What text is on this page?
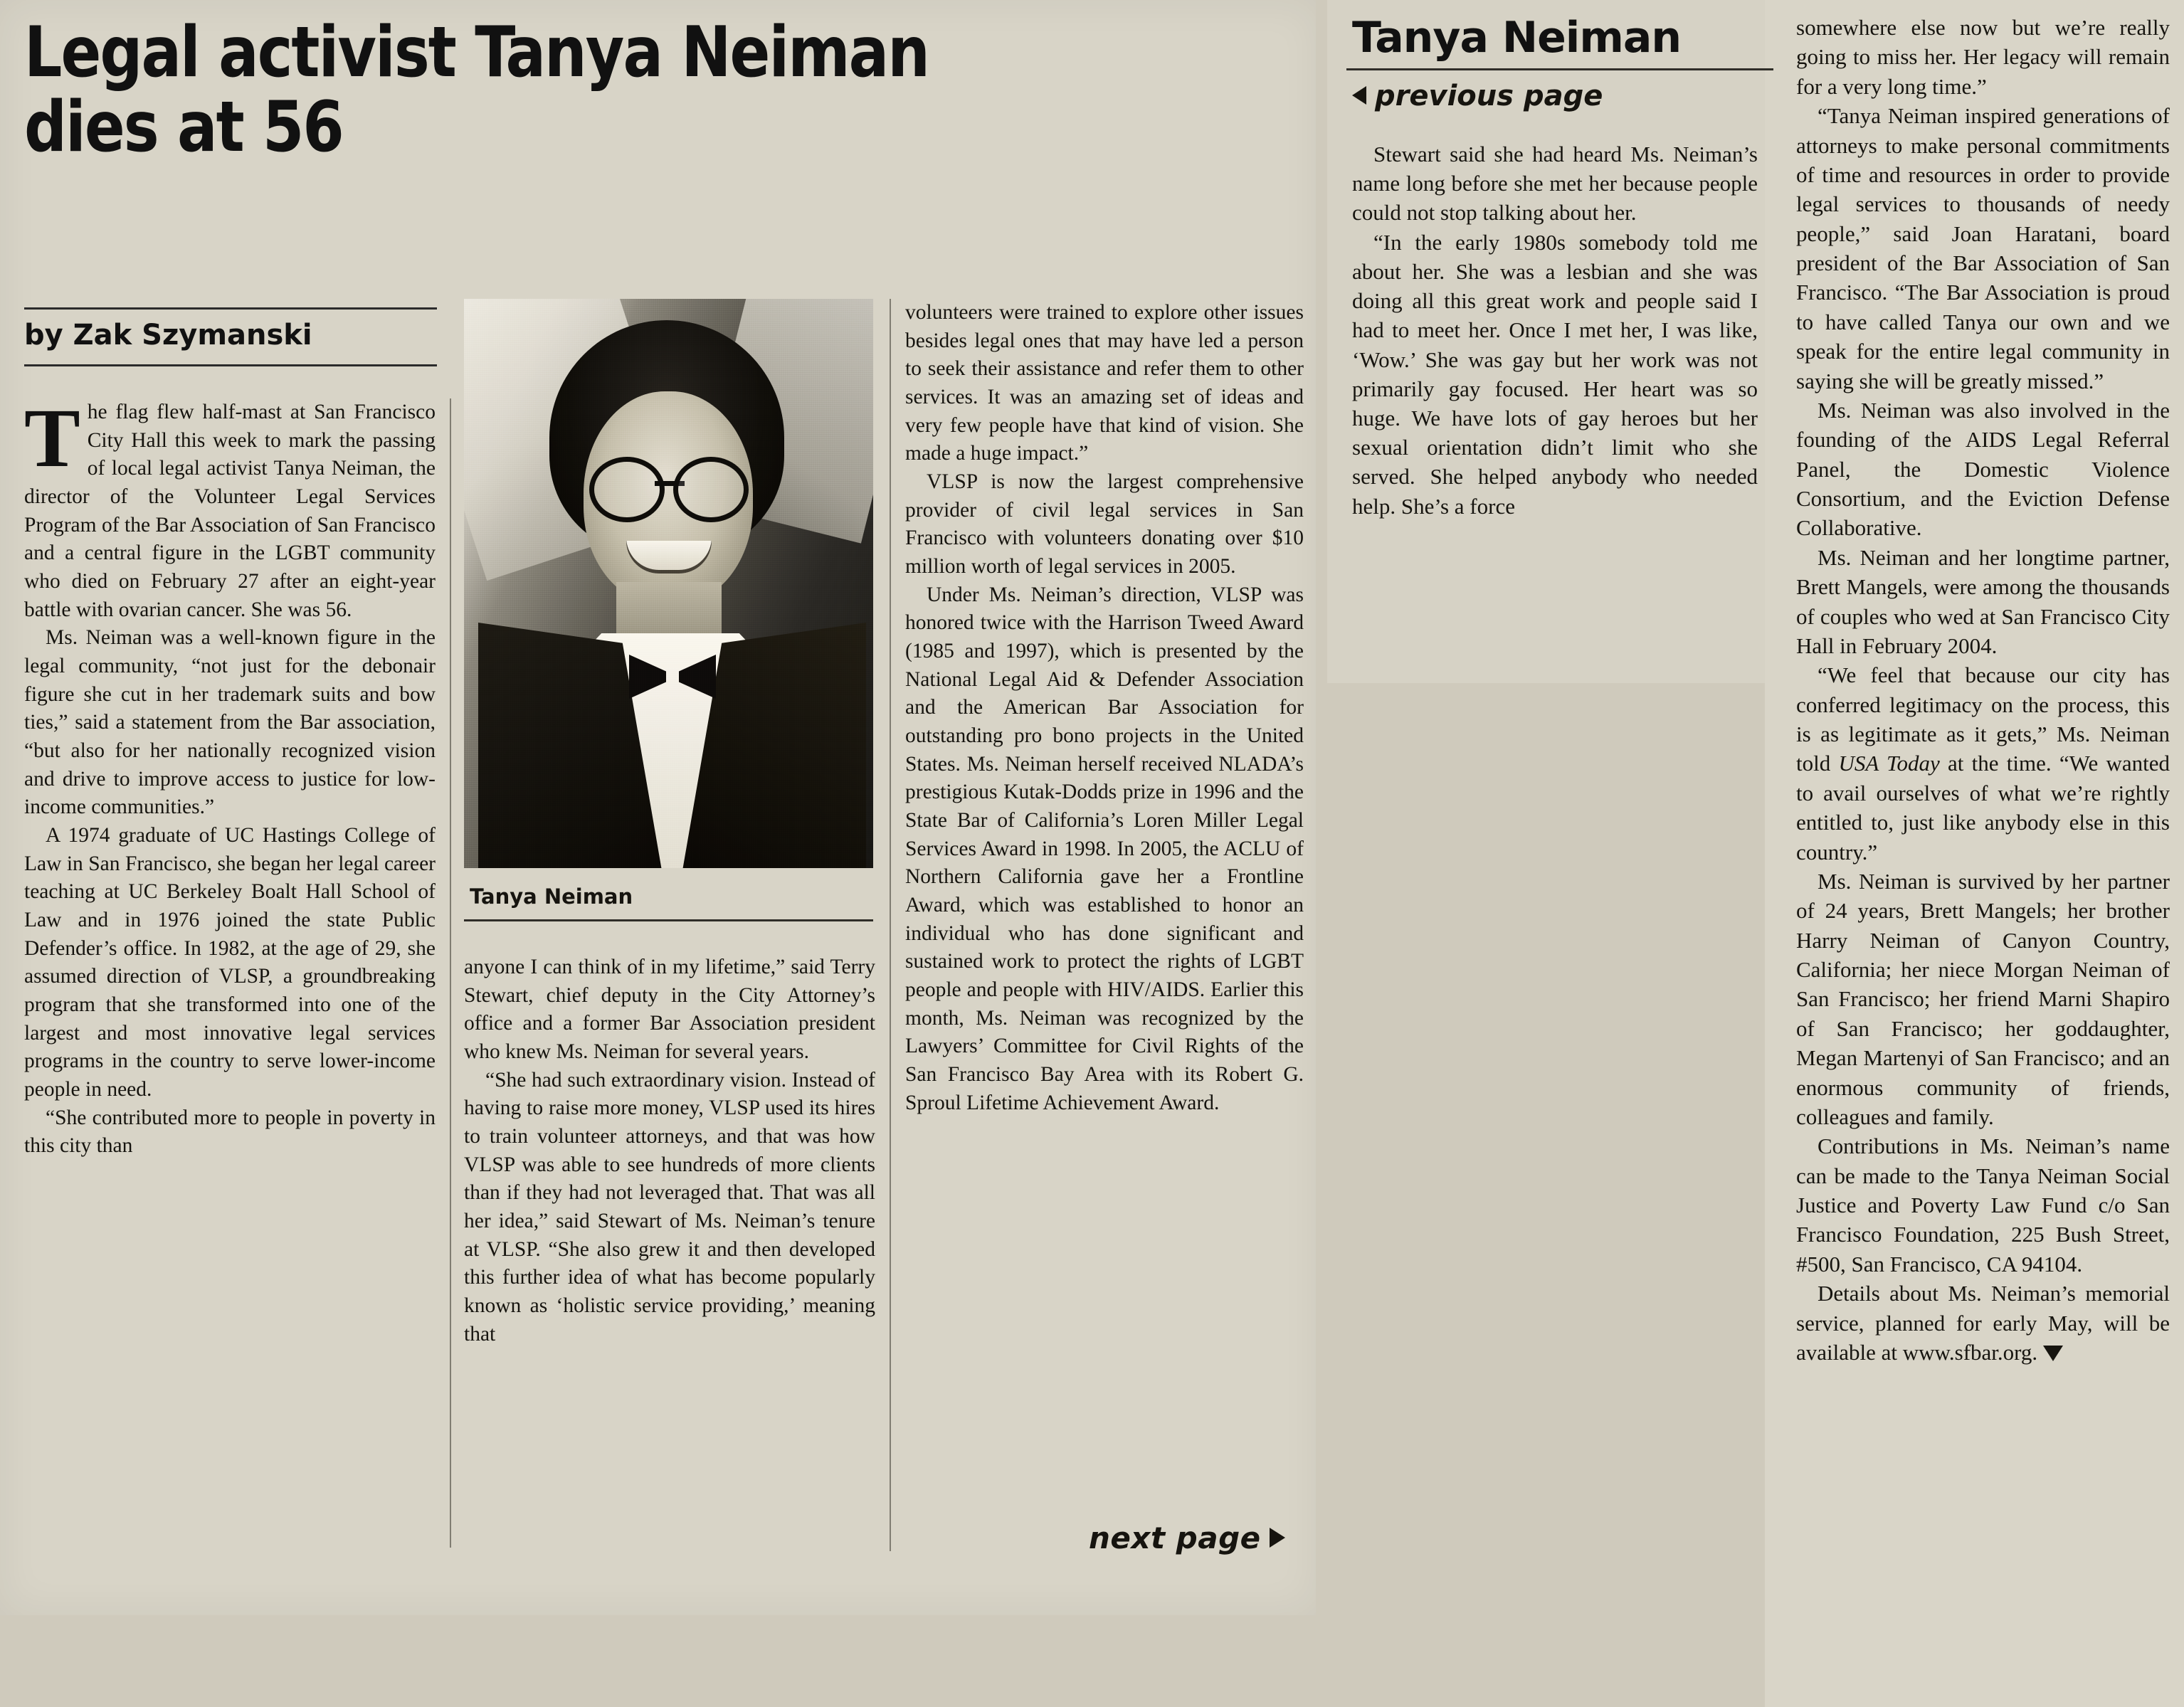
Legal activist Tanya Neiman dies at 56
by Zak Szymanski

The flag flew half-mast at San Francisco City Hall this week to mark the passing of local legal activist Tanya Neiman, the director of the Volunteer Legal Services Program of the Bar Association of San Francisco and a central figure in the LGBT community who died on February 27 after an eight-year battle with ovarian cancer. She was 56.

Ms. Neiman was a well-known figure in the legal community, “not just for the debonair figure she cut in her trademark suits and bow ties,” said a statement from the Bar association, “but also for her nationally recognized vision and drive to improve access to justice for low-income communities.”

A 1974 graduate of UC Hastings College of Law in San Francisco, she began her legal career teaching at UC Berkeley Boalt Hall School of Law and in 1976 joined the state Public Defender’s office. In 1982, at the age of 29, she assumed direction of VLSP, a groundbreaking program that she transformed into one of the largest and most innovative legal services programs in the country to serve lower-income people in need.

“She contributed more to people in poverty in this city than

Tanya Neiman

anyone I can think of in my lifetime,” said Terry Stewart, chief deputy in the City Attorney’s office and a former Bar Association president who knew Ms. Neiman for several years.

“She had such extraordinary vision. Instead of having to raise more money, VLSP used its hires to train volunteer attorneys, and that was how VLSP was able to see hundreds of more clients than if they had not leveraged that. That was all her idea,” said Stewart of Ms. Neiman’s tenure at VLSP. “She also grew it and then developed this further idea of what has become popularly known as ‘holistic service providing,’ meaning that

volunteers were trained to explore other issues besides legal ones that may have led a person to seek their assistance and refer them to other services. It was an amazing set of ideas and very few people have that kind of vision. She made a huge impact.”

VLSP is now the largest comprehensive provider of civil legal services in San Francisco with volunteers donating over $10 million worth of legal services in 2005.

Under Ms. Neiman’s direction, VLSP was honored twice with the Harrison Tweed Award (1985 and 1997), which is presented by the National Legal Aid & Defender Association and the American Bar Association for outstanding pro bono projects in the United States. Ms. Neiman herself received NLADA’s prestigious Kutak-Dodds prize in 1996 and the State Bar of California’s Loren Miller Legal Services Award in 1998. In 2005, the ACLU of Northern California gave her a Frontline Award, which was established to honor an individual who has done significant and sustained work to protect the rights of LGBT people and people with HIV/AIDS. Earlier this month, Ms. Neiman was recognized by the Lawyers’ Committee for Civil Rights of the San Francisco Bay Area with its Robert G. Sproul Lifetime Achievement Award.

next page
Tanya Neiman
previous page

Stewart said she had heard Ms. Neiman’s name long before she met her because people could not stop talking about her.

“In the early 1980s somebody told me about her. She was a lesbian and she was doing all this great work and people said I had to meet her. Once I met her, I was like, ‘Wow.’ She was gay but her work was not primarily gay focused. Her heart was so huge. We have lots of gay heroes but her sexual orientation didn’t limit who she served. She helped anybody who needed help. She’s a force

somewhere else now but we’re really going to miss her. Her legacy will remain for a very long time.”

“Tanya Neiman inspired generations of attorneys to make personal commitments of time and resources in order to provide legal services to thousands of needy people,” said Joan Haratani, board president of the Bar Association of San Francisco. “The Bar Association is proud to have called Tanya our own and we speak for the entire legal community in saying she will be greatly missed.”

Ms. Neiman was also involved in the founding of the AIDS Legal Referral Panel, the Domestic Violence Consortium, and the Eviction Defense Collaborative.

Ms. Neiman and her longtime partner, Brett Mangels, were among the thousands of couples who wed at San Francisco City Hall in February 2004.

“We feel that because our city has conferred legitimacy on the process, this is as legitimate as it gets,” Ms. Neiman told USA Today at the time. “We wanted to avail ourselves of what we’re rightly entitled to, just like anybody else in this country.”

Ms. Neiman is survived by her partner of 24 years, Brett Mangels; her brother Harry Neiman of Canyon Country, California; her niece Morgan Neiman of San Francisco; her friend Marni Shapiro of San Francisco; her goddaughter, Megan Martenyi of San Francisco; and an enormous community of friends, colleagues and family.

Contributions in Ms. Neiman’s name can be made to the Tanya Neiman Social Justice and Poverty Law Fund c/o San Francisco Foundation, 225 Bush Street, #500, San Francisco, CA 94104.

Details about Ms. Neiman’s memorial service, planned for early May, will be available at www.sfbar.org.
